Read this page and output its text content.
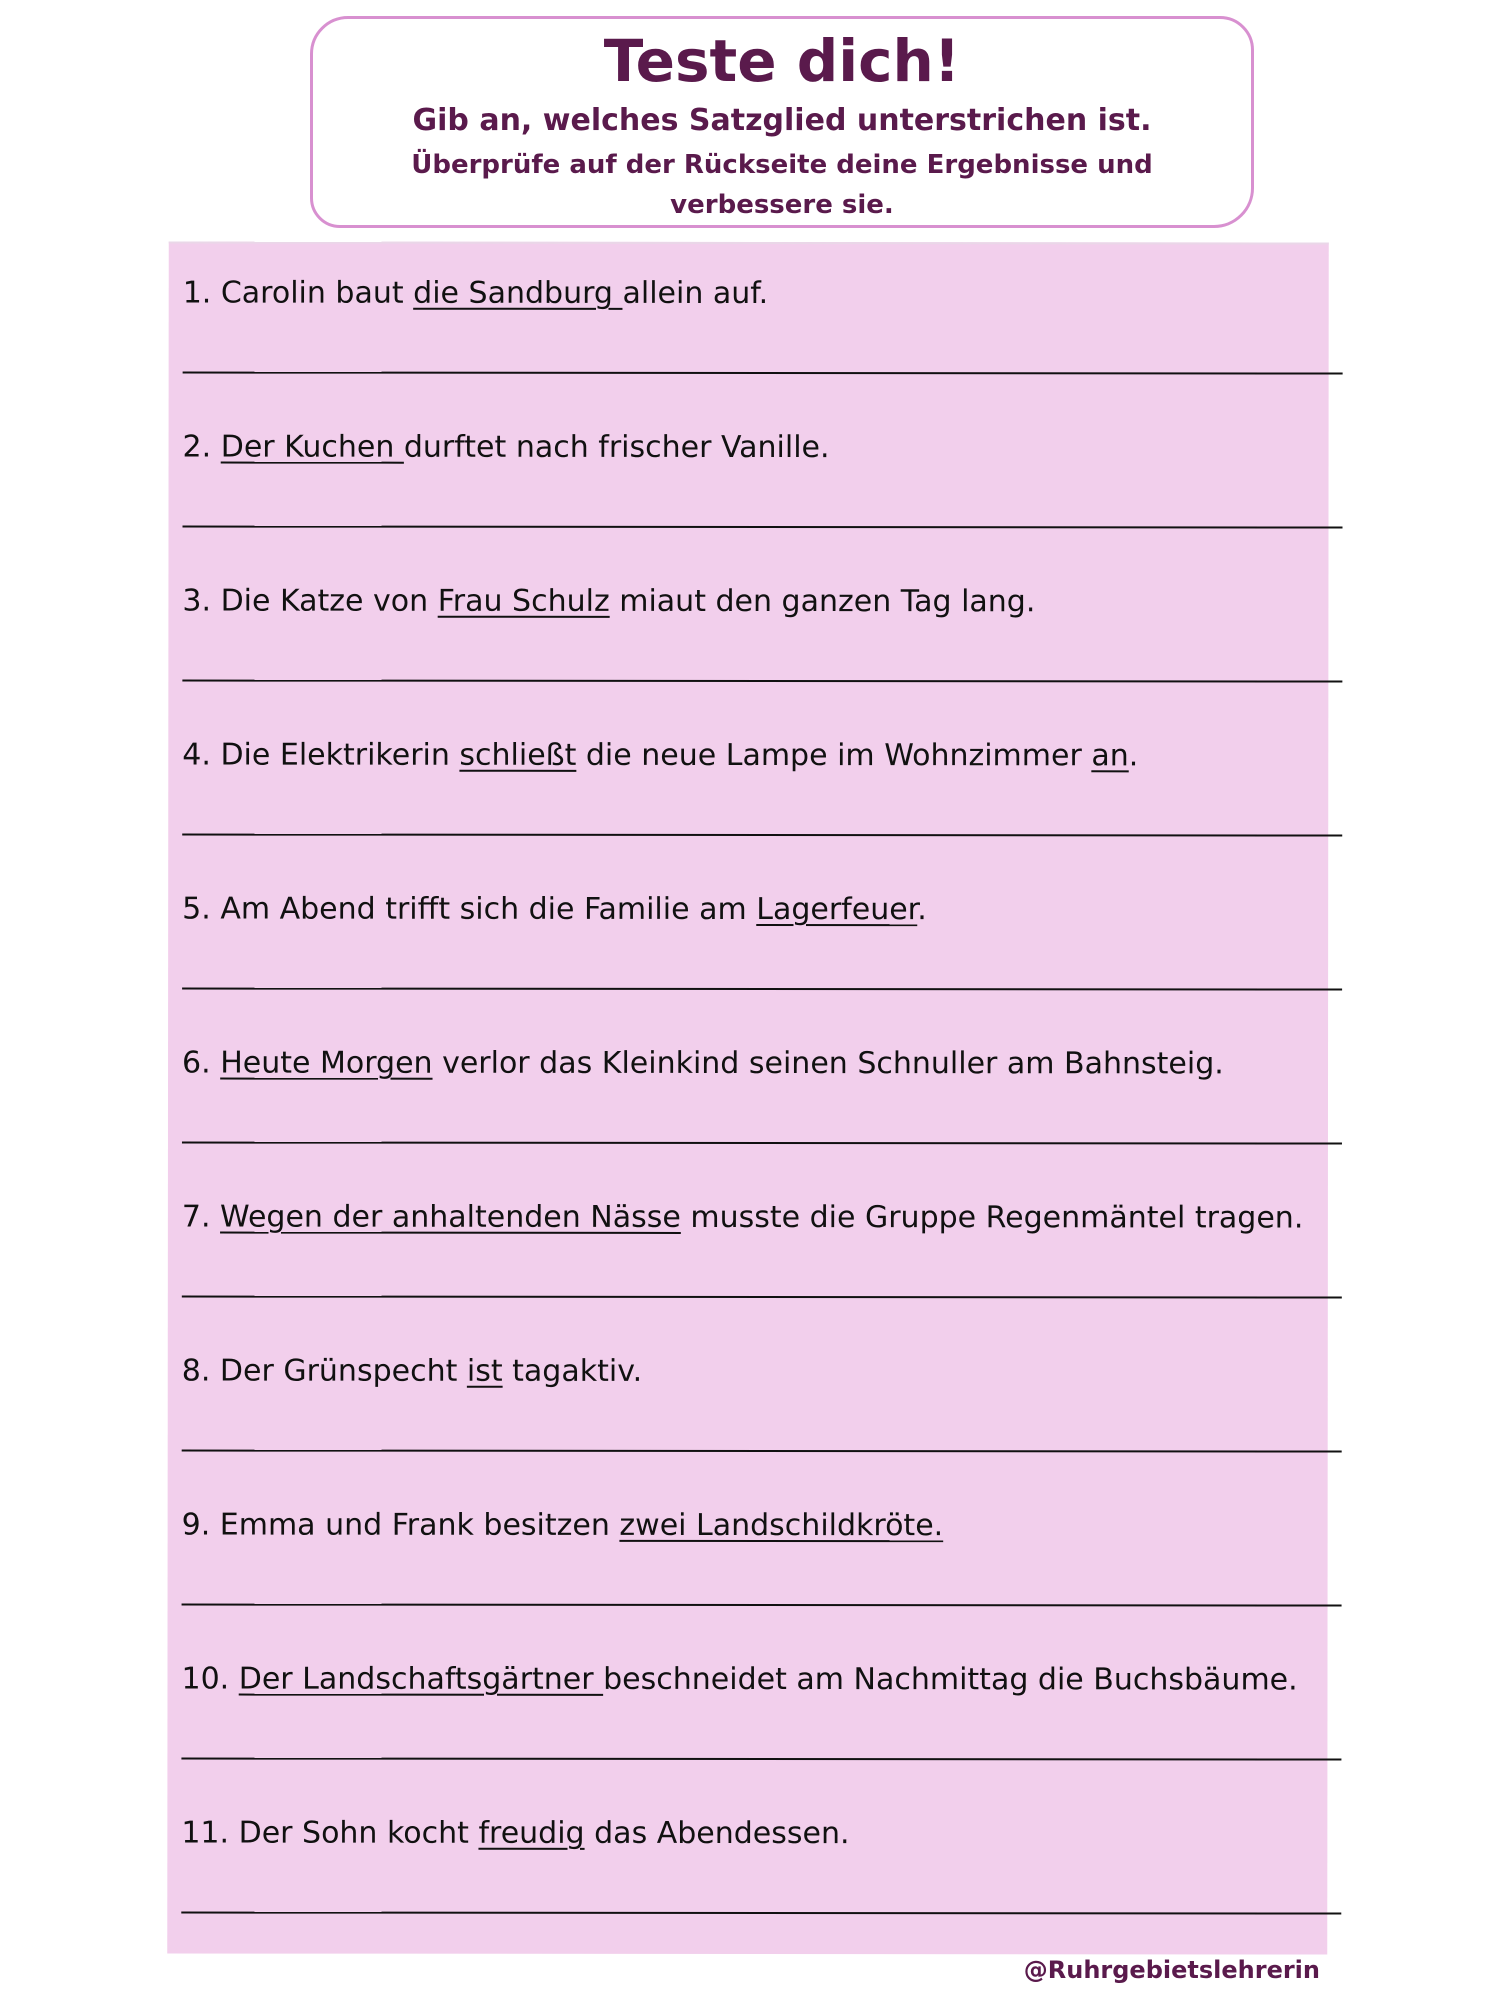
Teste dich!
Gib an, welches Satzglied unterstrichen ist.
Überprüfe auf der Rückseite deine Ergebnisse und verbessere sie.
1. Carolin baut die Sandburg allein auf.
2. Der Kuchen durftet nach frischer Vanille.
3. Die Katze von Frau Schulz miaut den ganzen Tag lang.
4. Die Elektrikerin schließt die neue Lampe im Wohnzimmer an.
5. Am Abend trifft sich die Familie am Lagerfeuer.
6. Heute Morgen verlor das Kleinkind seinen Schnuller am Bahnsteig.
7. Wegen der anhaltenden Nässe musste die Gruppe Regenmäntel tragen.
8. Der Grünspecht ist tagaktiv.
9. Emma und Frank besitzen zwei Landschildkröte.
10. Der Landschaftsgärtner beschneidet am Nachmittag die Buchsbäume.
11. Der Sohn kocht freudig das Abendessen.
@Ruhrgebietslehrerin
